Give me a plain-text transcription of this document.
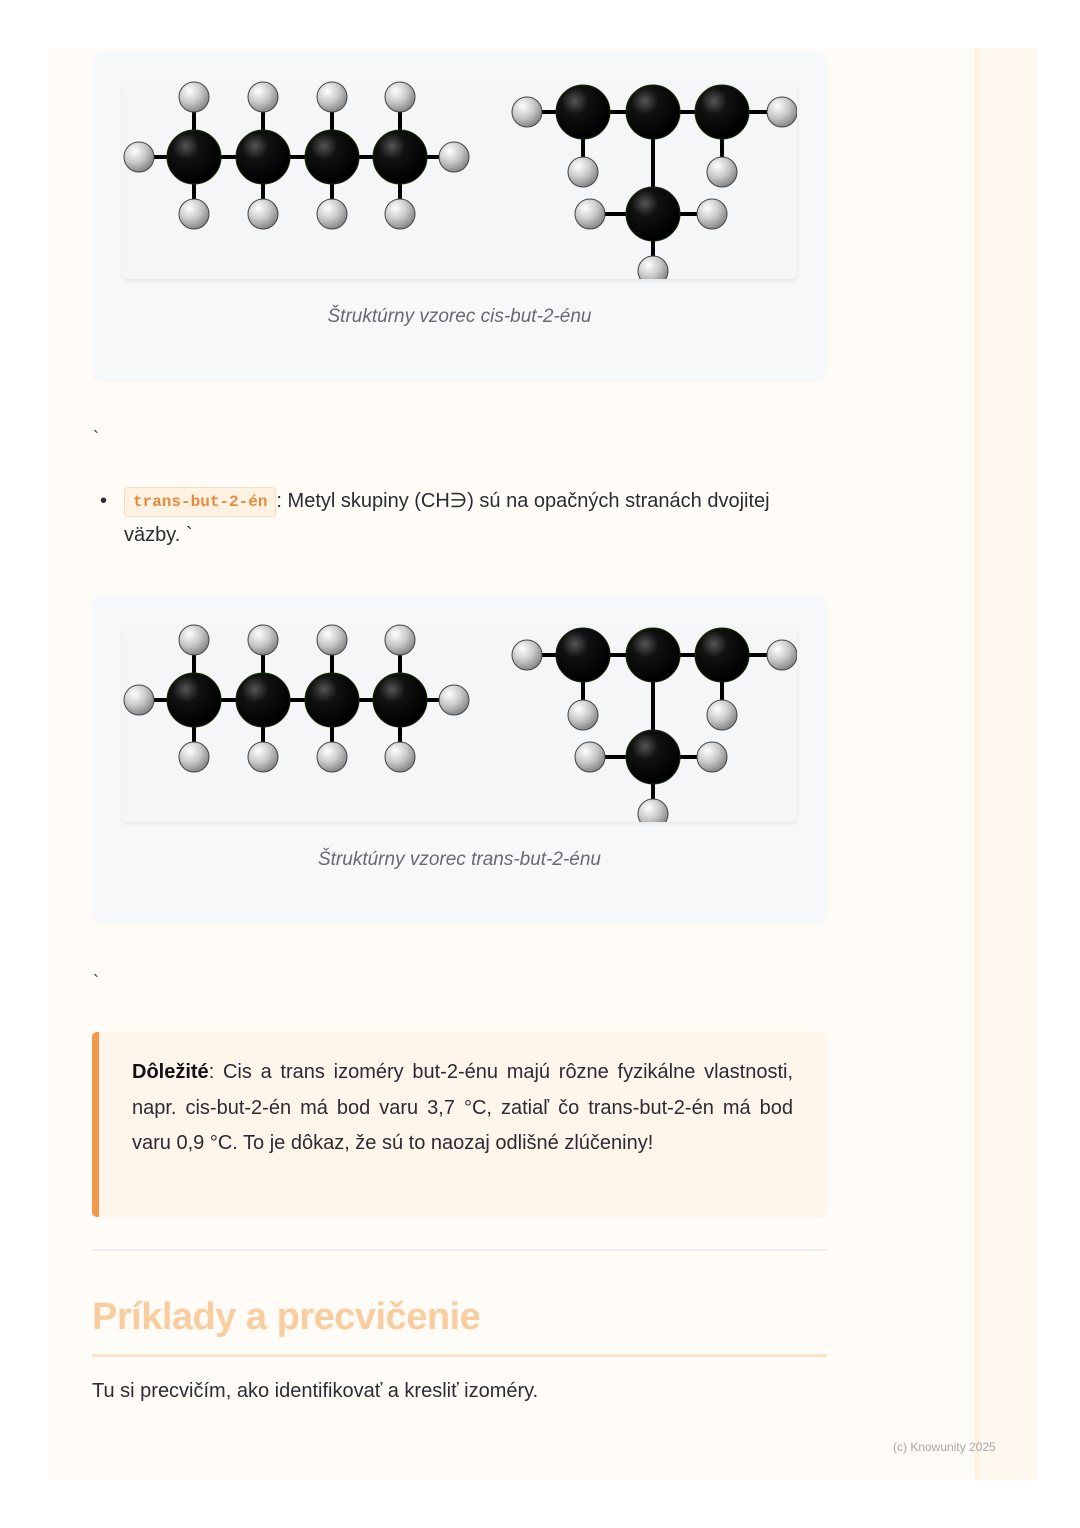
Štruktúrny vzorec cis-but-2-énu
`
•	trans-but-2-én : Metyl skupiny (CH∋) sú na opačných stranách dvojitej väzby. `
Štruktúrny vzorec trans-but-2-énu
`
Dôležité: Cis a trans izoméry but-2-énu majú rôzne fyzikálne vlastnosti, napr. cis-but-2-én má bod varu 3,7 °C, zatiaľ čo trans-but-2-én má bod varu 0,9 °C. To je dôkaz, že sú to naozaj odlišné zlúčeniny!
Príklady a precvičenie
Tu si precvičím, ako identifikovať a kresliť izoméry.
(c) Knowunity 2025
